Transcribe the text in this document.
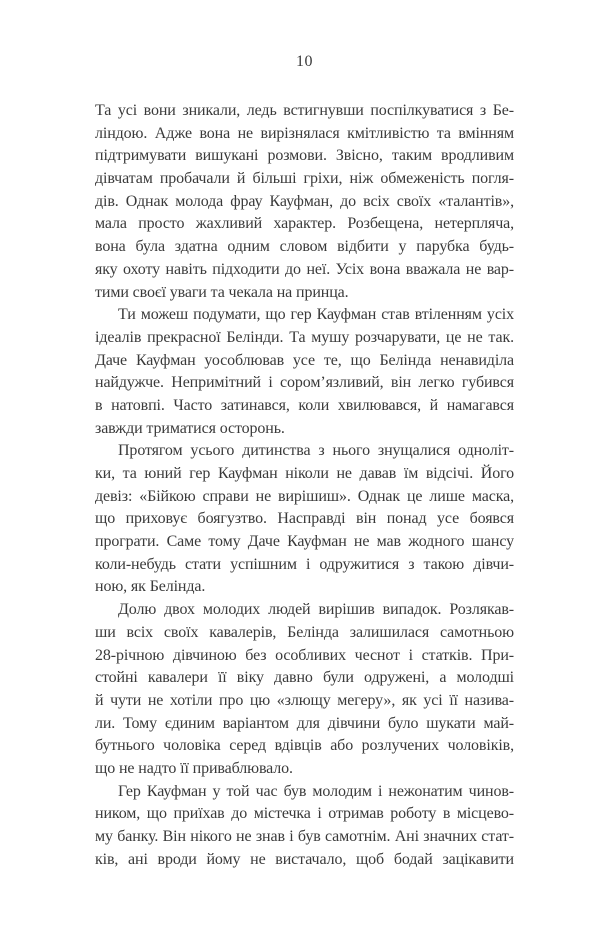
10
Та усі вони зникали, ледь встигнувши поспілкуватися з Бе-
ліндою. Адже вона не вирізнялася кмітливістю та вмінням
підтримувати вишукані розмови. Звісно, таким вродливим
дівчатам пробачали й більші гріхи, ніж обмеженість погля-
дів. Однак молода фрау Кауфман, до всіх своїх «талантів»,
мала просто жахливий характер. Розбещена, нетерпляча,
вона була здатна одним словом відбити у парубка будь-
яку охоту навіть підходити до неї. Усіх вона вважала не вар-
тими своєї уваги та чекала на принца.
Ти можеш подумати, що гер Кауфман став втіленням усіх
ідеалів прекрасної Белінди. Та мушу розчарувати, це не так.
Даче Кауфман уособлював усе те, що Белінда ненавиділа
найдужче. Непримітний і сором’язливий, він легко губився
в натовпі. Часто затинався, коли хвилювався, й намагався
завжди триматися осторонь.
Протягом усього дитинства з нього знущалися одноліт-
ки, та юний гер Кауфман ніколи не давав їм відсічі. Його
девіз: «Бійкою справи не вирішиш». Однак це лише маска,
що приховує боягузтво. Насправді він понад усе боявся
програти. Саме тому Даче Кауфман не мав жодного шансу
коли-небудь стати успішним і одружитися з такою дівчи-
ною, як Белінда.
Долю двох молодих людей вирішив випадок. Розлякав-
ши всіх своїх кавалерів, Белінда залишилася самотньою
28-річною дівчиною без особливих чеснот і статків. При-
стойні кавалери її віку давно були одружені, а молодші
й чути не хотіли про цю «злющу мегеру», як усі її назива-
ли. Тому єдиним варіантом для дівчини було шукати май-
бутнього чоловіка серед вдівців або розлучених чоловіків,
що не надто її приваблювало.
Гер Кауфман у той час був молодим і нежонатим чинов-
ником, що приїхав до містечка і отримав роботу в місцево-
му банку. Він нікого не знав і був самотнім. Ані значних стат-
ків, ані вроди йому не вистачало, щоб бодай зацікавити
